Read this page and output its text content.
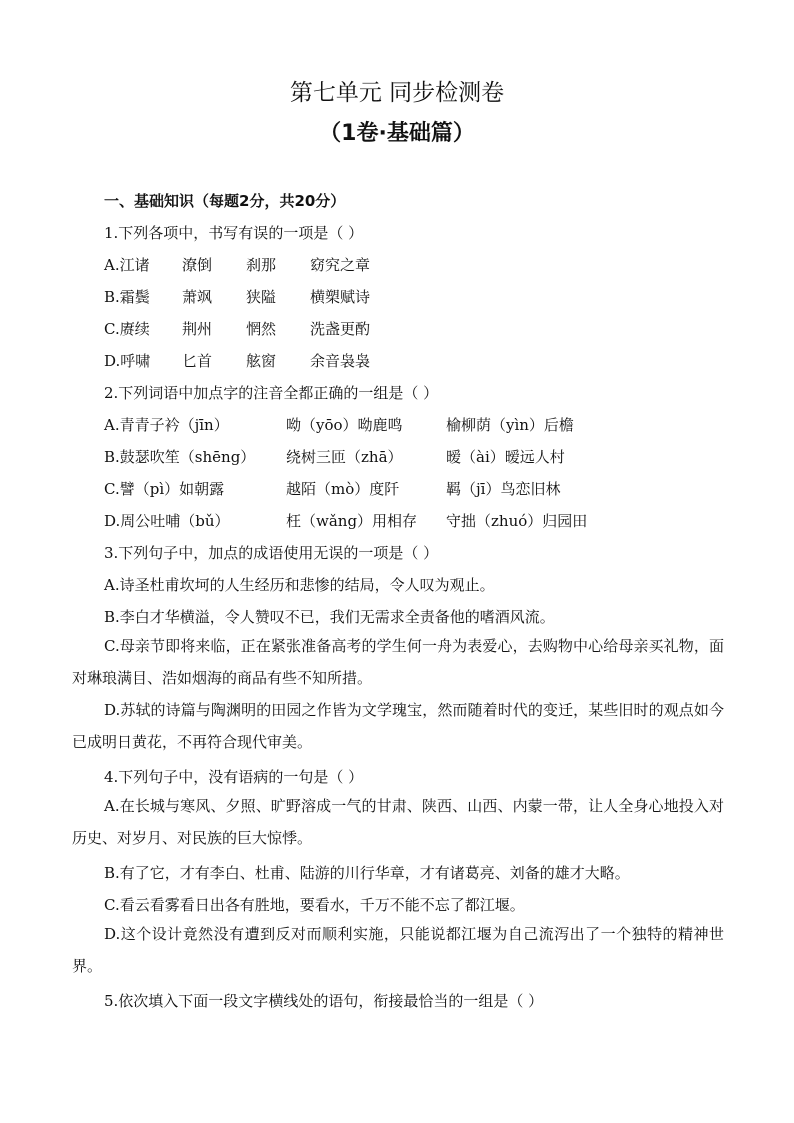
第七单元 同步检测卷
（1卷·基础篇）
一、基础知识（每题2分，共20分）
1.下列各项中，书写有误的一项是（ ）
A.江诸 潦倒 刹那 窈究之章
B.霜鬓 萧飒 狭隘 横槊赋诗
C.赓续 荆州 惘然 洗盏更酌
D.呼啸 匕首 舷窗 余音袅袅
2.下列词语中加点字的注音全都正确的一组是（ ）
A.青青子衿（jīn）	呦（yōo）呦鹿鸣	榆柳荫（yìn）后檐
B.鼓瑟吹笙（shēng） 绕树三匝（zhā）	暧（ài）暧远人村
C.譬（pì）如朝露	越陌（mò）度阡	羁（jī）鸟恋旧林
D.周公吐哺（bǔ）	枉（wǎng）用相存 守拙（zhuó）归园田
3.下列句子中，加点的成语使用无误的一项是（ ）
A.诗圣杜甫坎坷的人生经历和悲惨的结局，令人叹为观止。
B.李白才华横溢，令人赞叹不已，我们无需求全责备他的嗜酒风流。
C.母亲节即将来临，正在紧张准备高考的学生何一舟为表爱心，去购物中心给母亲买礼物，面对琳琅满目、浩如烟海的商品有些不知所措。
D.苏轼的诗篇与陶渊明的田园之作皆为文学瑰宝，然而随着时代的变迁，某些旧时的观点如今已成明日黄花，不再符合现代审美。
4.下列句子中，没有语病的一句是（ ）
A.在长城与寒风、夕照、旷野溶成一气的甘肃、陕西、山西、内蒙一带，让人全身心地投入对历史、对岁月、对民族的巨大惊悸。
B.有了它，才有李白、杜甫、陆游的川行华章，才有诸葛亮、刘备的雄才大略。
C.看云看雾看日出各有胜地，要看水，千万不能不忘了都江堰。
D.这个设计竟然没有遭到反对而顺利实施，只能说都江堰为自己流泻出了一个独特的精神世界。
5.依次填入下面一段文字横线处的语句，衔接最恰当的一组是（ ）
